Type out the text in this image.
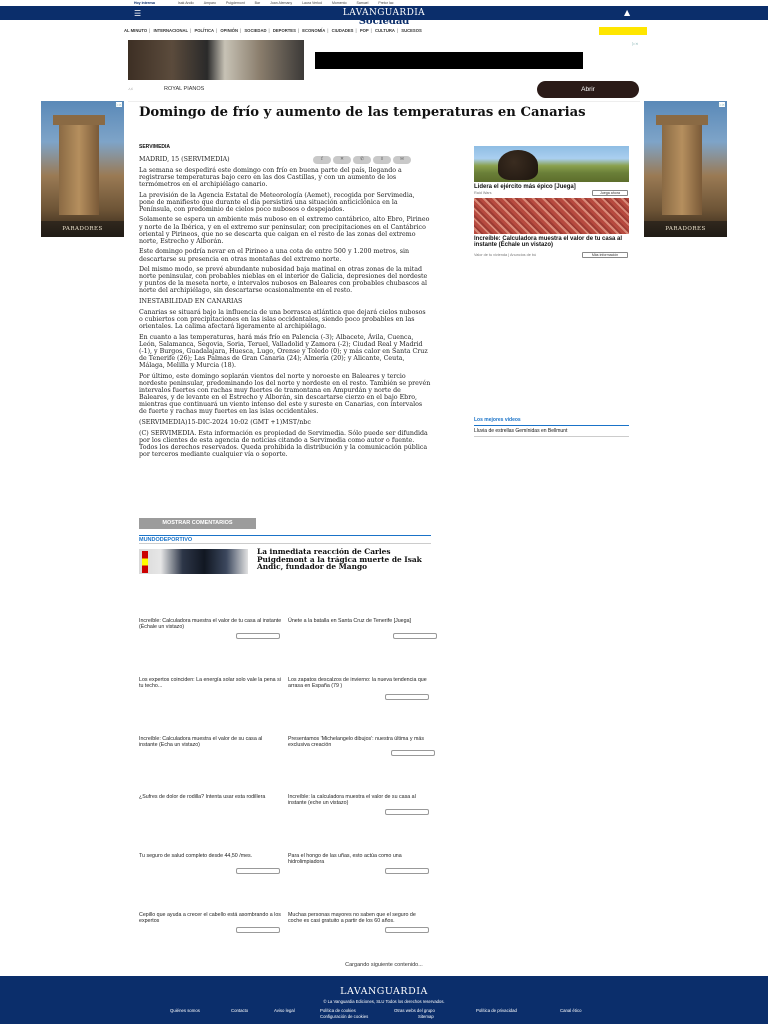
Hoy interesa	Isak Andic	Amparo	Puigdemont	Bar	Joan Alemany	Laura Verlod	Momento	Samuel	Pretor Iac
☰	LAVANGUARDIA	▲
Sociedad
AL MINUTO | INTERNACIONAL | POLÍTICA | OPINIÓN | SOCIEDAD | DEPORTES | ECONOMÍA | CIUDADES | POP | CULTURA | SUCESOS
♪♫	ROYAL PIANOS	Abrir
▷×
PARADORES
▷×
PARADORES
▷×
Domingo de frío y aumento de las temperaturas en Canarias
SERVIMEDIA
f	✕	✆	⇪	✉

MADRID, 15 (SERVIMEDIA)

La semana se despedirá este domingo con frío en buena parte del país, llegando a registrarse temperaturas bajo cero en las dos Castillas, y con un aumento de los termómetros en el archipiélago canario.

La previsión de la Agencia Estatal de Meteorología (Aemet), recogida por Servimedia, pone de manifiesto que durante el día persistirá una situación anticiclónica en la Península, con predominio de cielos poco nubosos o despejados.

Solamente se espera un ambiente más nuboso en el extremo cantábrico, alto Ebro, Pirineo y norte de la Ibérica, y en el extremo sur peninsular, con precipitaciones en el Cantábrico oriental y Pirineos, que no se descarta que caigan en el resto de las zonas del extremo norte, Estrecho y Alborán.

Este domingo podría nevar en el Pirineo a una cota de entre 500 y 1.200 metros, sin descartarse su presencia en otras montañas del extremo norte.

Del mismo modo, se prevé abundante nubosidad baja matinal en otras zonas de la mitad norte peninsular, con probables nieblas en el interior de Galicia, depresiones del nordeste y puntos de la meseta norte, e intervalos nubosos en Baleares con probables chubascos al norte del archipiélago, sin descartarse ocasionalmente en el resto.

INESTABILIDAD EN CANARIAS

Canarias se situará bajo la influencia de una borrasca atlántica que dejará cielos nubosos o cubiertos con precipitaciones en las islas occidentales, siendo poco probables en las orientales. La calima afectará ligeramente al archipiélago.

En cuanto a las temperaturas, hará más frío en Palencia (-3); Albacete, Ávila, Cuenca, León, Salamanca, Segovia, Soria, Teruel, Valladolid y Zamora (-2); Ciudad Real y Madrid (-1), y Burgos, Guadalajara, Huesca, Lugo, Orense y Toledo (0); y más calor en Santa Cruz de Tenerife (26); Las Palmas de Gran Canaria (24); Almería (20); y Alicante, Ceuta, Málaga, Melilla y Murcia (18).

Por último, este domingo soplarán vientos del norte y noroeste en Baleares y tercio nordeste peninsular, predominando los del norte y nordeste en el resto. También se prevén intervalos fuertes con rachas muy fuertes de tramontana en Ampurdán y norte de Baleares, y de levante en el Estrecho y Alborán, sin descartarse cierzo en el bajo Ebro, mientras que continuará un viento intenso del este y sureste en Canarias, con intervalos de fuerte y rachas muy fuertes en las islas occidentales.

(SERVIMEDIA)15-DIC-2024 10:02 (GMT +1)MST/nbc

(C) SERVIMEDIA. Esta información es propiedad de Servimedia. Sólo puede ser difundida por los clientes de esta agencia de noticias citando a Servimedia como autor o fuente. Todos los derechos reservados. Queda prohibida la distribución y la comunicación pública por terceros mediante cualquier vía o soporte.

MOSTRAR COMENTARIOS
MUNDODEPORTIVO
La inmediata reacción de Carles Puigdemont a la trágica muerte de Isak Andic, fundador de Mango
Increíble: Calculadora muestra el valor de tu casa al instante (Échale un vistazo)
Únete a la batalla en Santa Cruz de Tenerife [Juega]
Los expertos coinciden: La energía solar solo vale la pena si tu techo...
Los zapatos descalzos de invierno: la nueva tendencia que arrasa en España (79 )
Increíble: Calculadora muestra el valor de su casa al instante (Echa un vistazo)
Presentamos 'Michelangelo dibujos': nuestra última y más exclusiva creación
¿Sufres de dolor de rodilla? Intenta usar esta rodillera	Increíble: la calculadora muestra el valor de su casa al instante (eche un vistazo)
Tu seguro de salud completo desde 44,50 /mes.	Para el hongo de las uñas, esto actúa como una hidrolimpiadora
Cepillo que ayuda a crecer el cabello está asombrando a los expertos
Muchas personas mayores no saben que el seguro de coche es casi gratuito a partir de los 60 años.
Cargando siguiente contenido...
Lidera el ejército más épico [Juega]
Raid Wars	Juega ahora
Increíble: Calculadora muestra el valor de tu casa al instante (Échale un vistazo)
Valor de tu vivienda | Anuncios de bú	Más información
Los mejores vídeos
Lluvia de estrellas Gemínidas en Bellmunt
LAVANGUARDIA
© La Vanguardia Ediciones, SLU Todos los derechos reservados.
Quiénes somos	Contacto	Aviso legal	Política de cookies	Otras webs del grupo	Política de privacidad	Canal ético
Configuración de cookies	Sitemap
